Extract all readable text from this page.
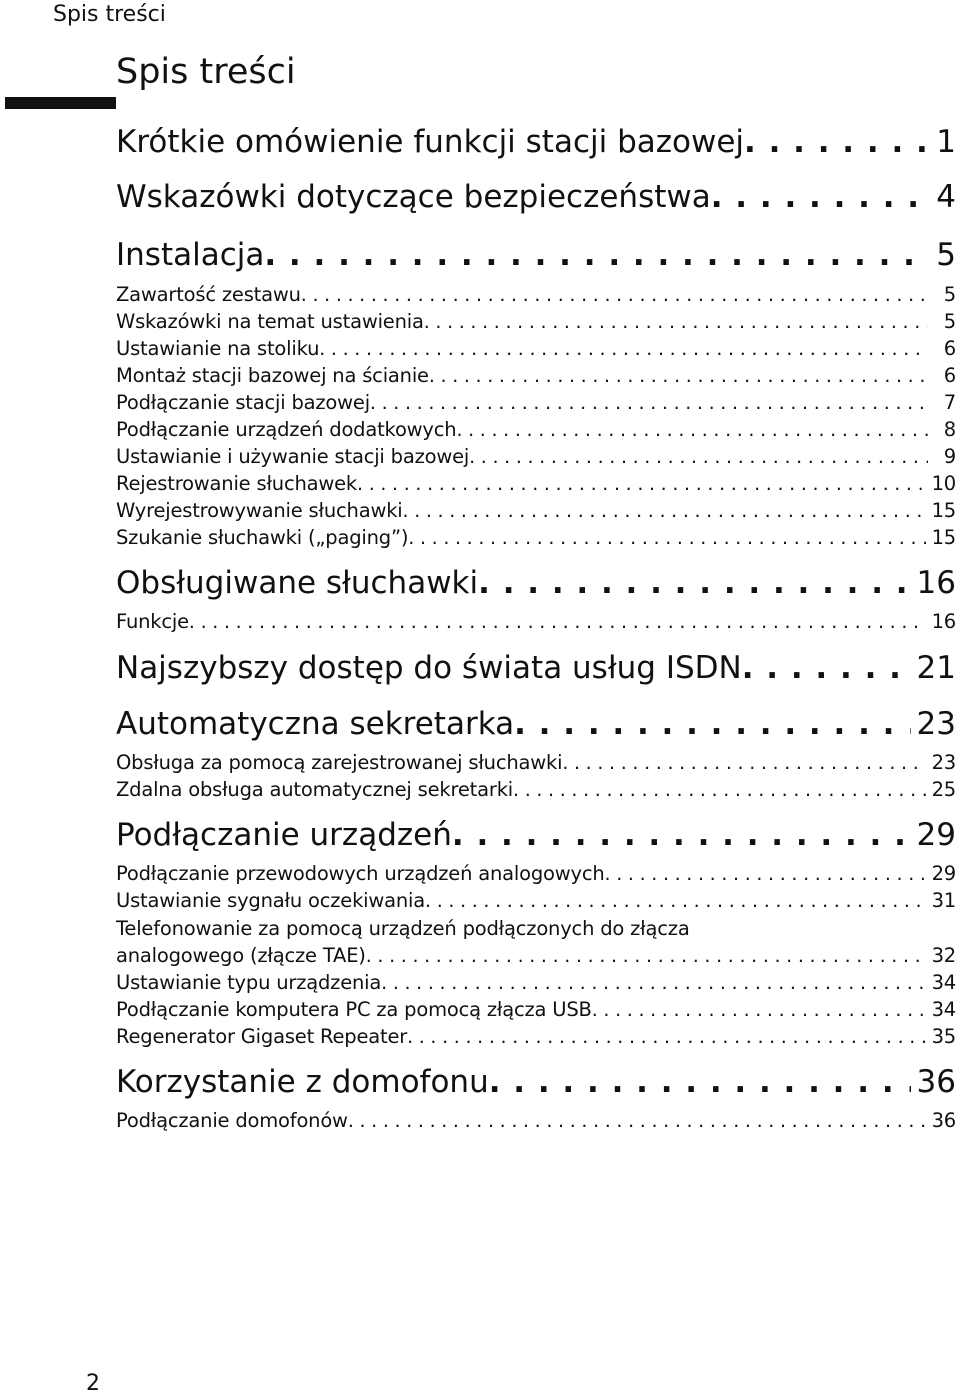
Spis treści
Spis treści
Krótkie omówienie funkcji stacji bazowej . . .	1
Wskazówki dotyczące bezpieczeństwa . . .	4
Instalacja . . .	5
Zawartość zestawu . . .	5
Wskazówki na temat ustawienia . . .	5
Ustawianie na stoliku . . .	6
Montaż stacji bazowej na ścianie . . .	6
Podłączanie stacji bazowej . . .	7
Podłączanie urządzeń dodatkowych . . .	8
Ustawianie i używanie stacji bazowej . . .	9
Rejestrowanie słuchawek . . .	10
Wyrejestrowywanie słuchawki . . .	15
Szukanie słuchawki („paging”) . . .	15
Obsługiwane słuchawki . . .	16
Funkcje . . .	16
Najszybszy dostęp do świata usług ISDN . . .	21
Automatyczna sekretarka . . .	23
Obsługa za pomocą zarejestrowanej słuchawki . . .	23
Zdalna obsługa automatycznej sekretarki . . .	25
Podłączanie urządzeń . . .	29
Podłączanie przewodowych urządzeń analogowych . . .	29
Ustawianie sygnału oczekiwania . . .	31
Telefonowanie za pomocą urządzeń podłączonych do złącza
analogowego (złącze TAE) . . .	32
Ustawianie typu urządzenia . . .	34
Podłączanie komputera PC za pomocą złącza USB . . .	34
Regenerator Gigaset Repeater . . .	35
Korzystanie z domofonu . . .	36
Podłączanie domofonów . . .	36
2
